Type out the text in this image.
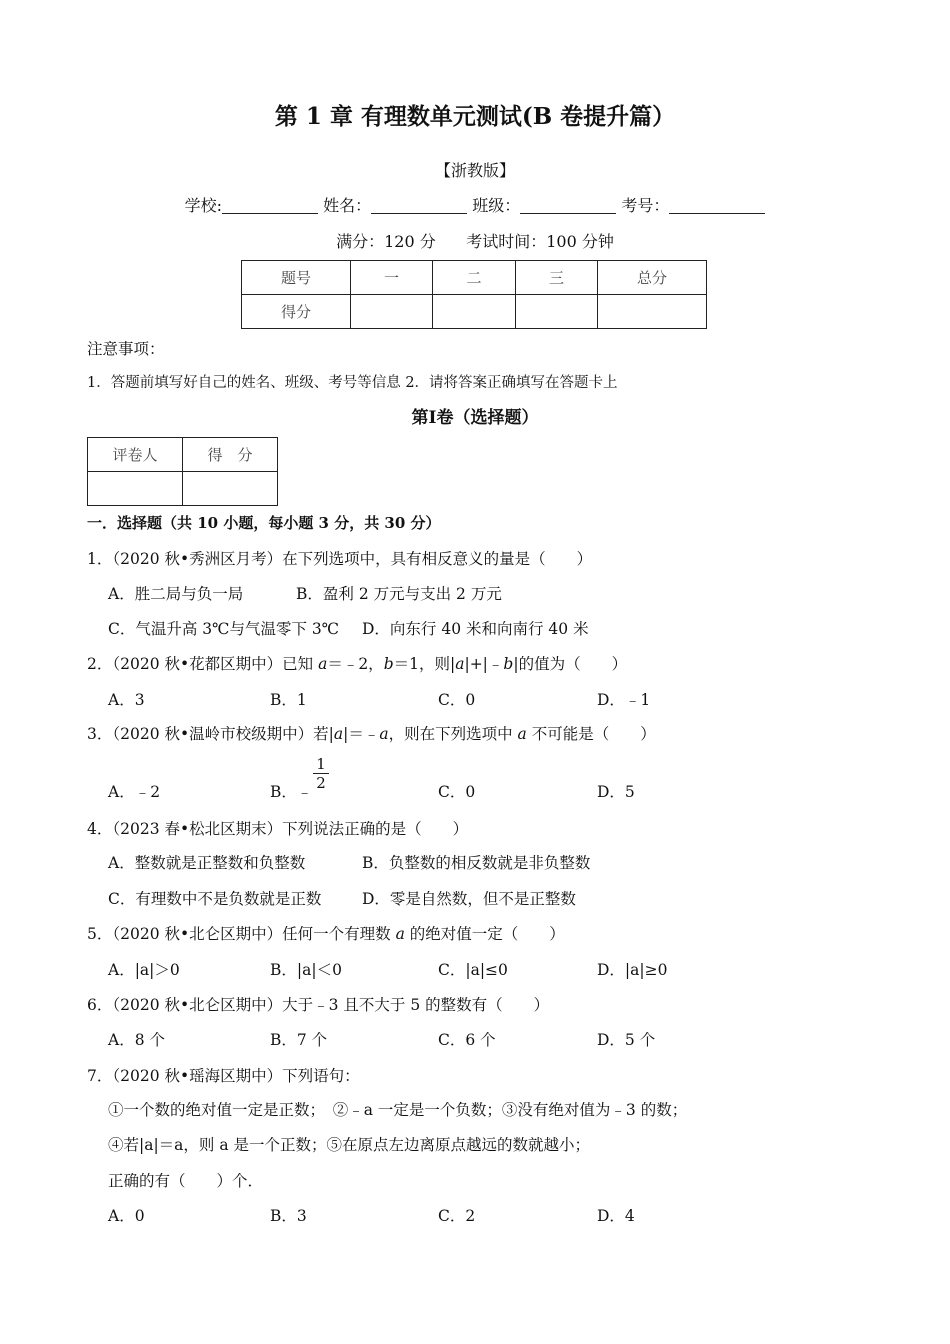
第 1 章 有理数单元测试(B 卷提升篇）
【浙教版】
学校:	姓名：	班级：	考号：
满分：120 分      考试时间：100 分钟
题号	一	二	三	总分
得分				
注意事项：
1．答题前填写好自己的姓名、班级、考号等信息 2．请将答案正确填写在答题卡上
第Ⅰ卷（选择题）
评卷人	得　分

一．选择题（共 10 小题，每小题 3 分，共 30 分）
1．（2020 秋•秀洲区月考）在下列选项中，具有相反意义的量是（　　）
A．胜二局与负一局	B．盈利 2 万元与支出 2 万元
C．气温升高 3℃与气温零下 3℃ D．向东行 40 米和向南行 40 米
2．（2020 秋•花都区期中）已知 a＝﹣2，b＝1，则|a|+|﹣b|的值为（　　）
A．3	B．1	C．0	D．﹣1
3．（2020 秋•温岭市校级期中）若|a|＝﹣a，则在下列选项中 a 不可能是（　　）
A．﹣2	B．﹣ $\frac{1}{2}$	C．0	D．5
4．（2023 春•松北区期末）下列说法正确的是（　　）
A．整数就是正整数和负整数	B．负整数的相反数就是非负整数
C．有理数中不是负数就是正数	D．零是自然数，但不是正整数
5．（2020 秋•北仑区期中）任何一个有理数 a 的绝对值一定（　　）
A．|a|＞0	B．|a|＜0	C．|a|≤0	D．|a|≥0
6．（2020 秋•北仑区期中）大于﹣3 且不大于 5 的整数有（　　）
A．8 个	B．7 个	C．6 个	D．5 个
7．（2020 秋•瑶海区期中）下列语句：
①一个数的绝对值一定是正数；　②﹣a 一定是一个负数；③没有绝对值为﹣3 的数；
④若|a|＝a，则 a 是一个正数；⑤在原点左边离原点越远的数就越小；
正确的有（　　）个．
A．0	B．3	C．2	D．4
